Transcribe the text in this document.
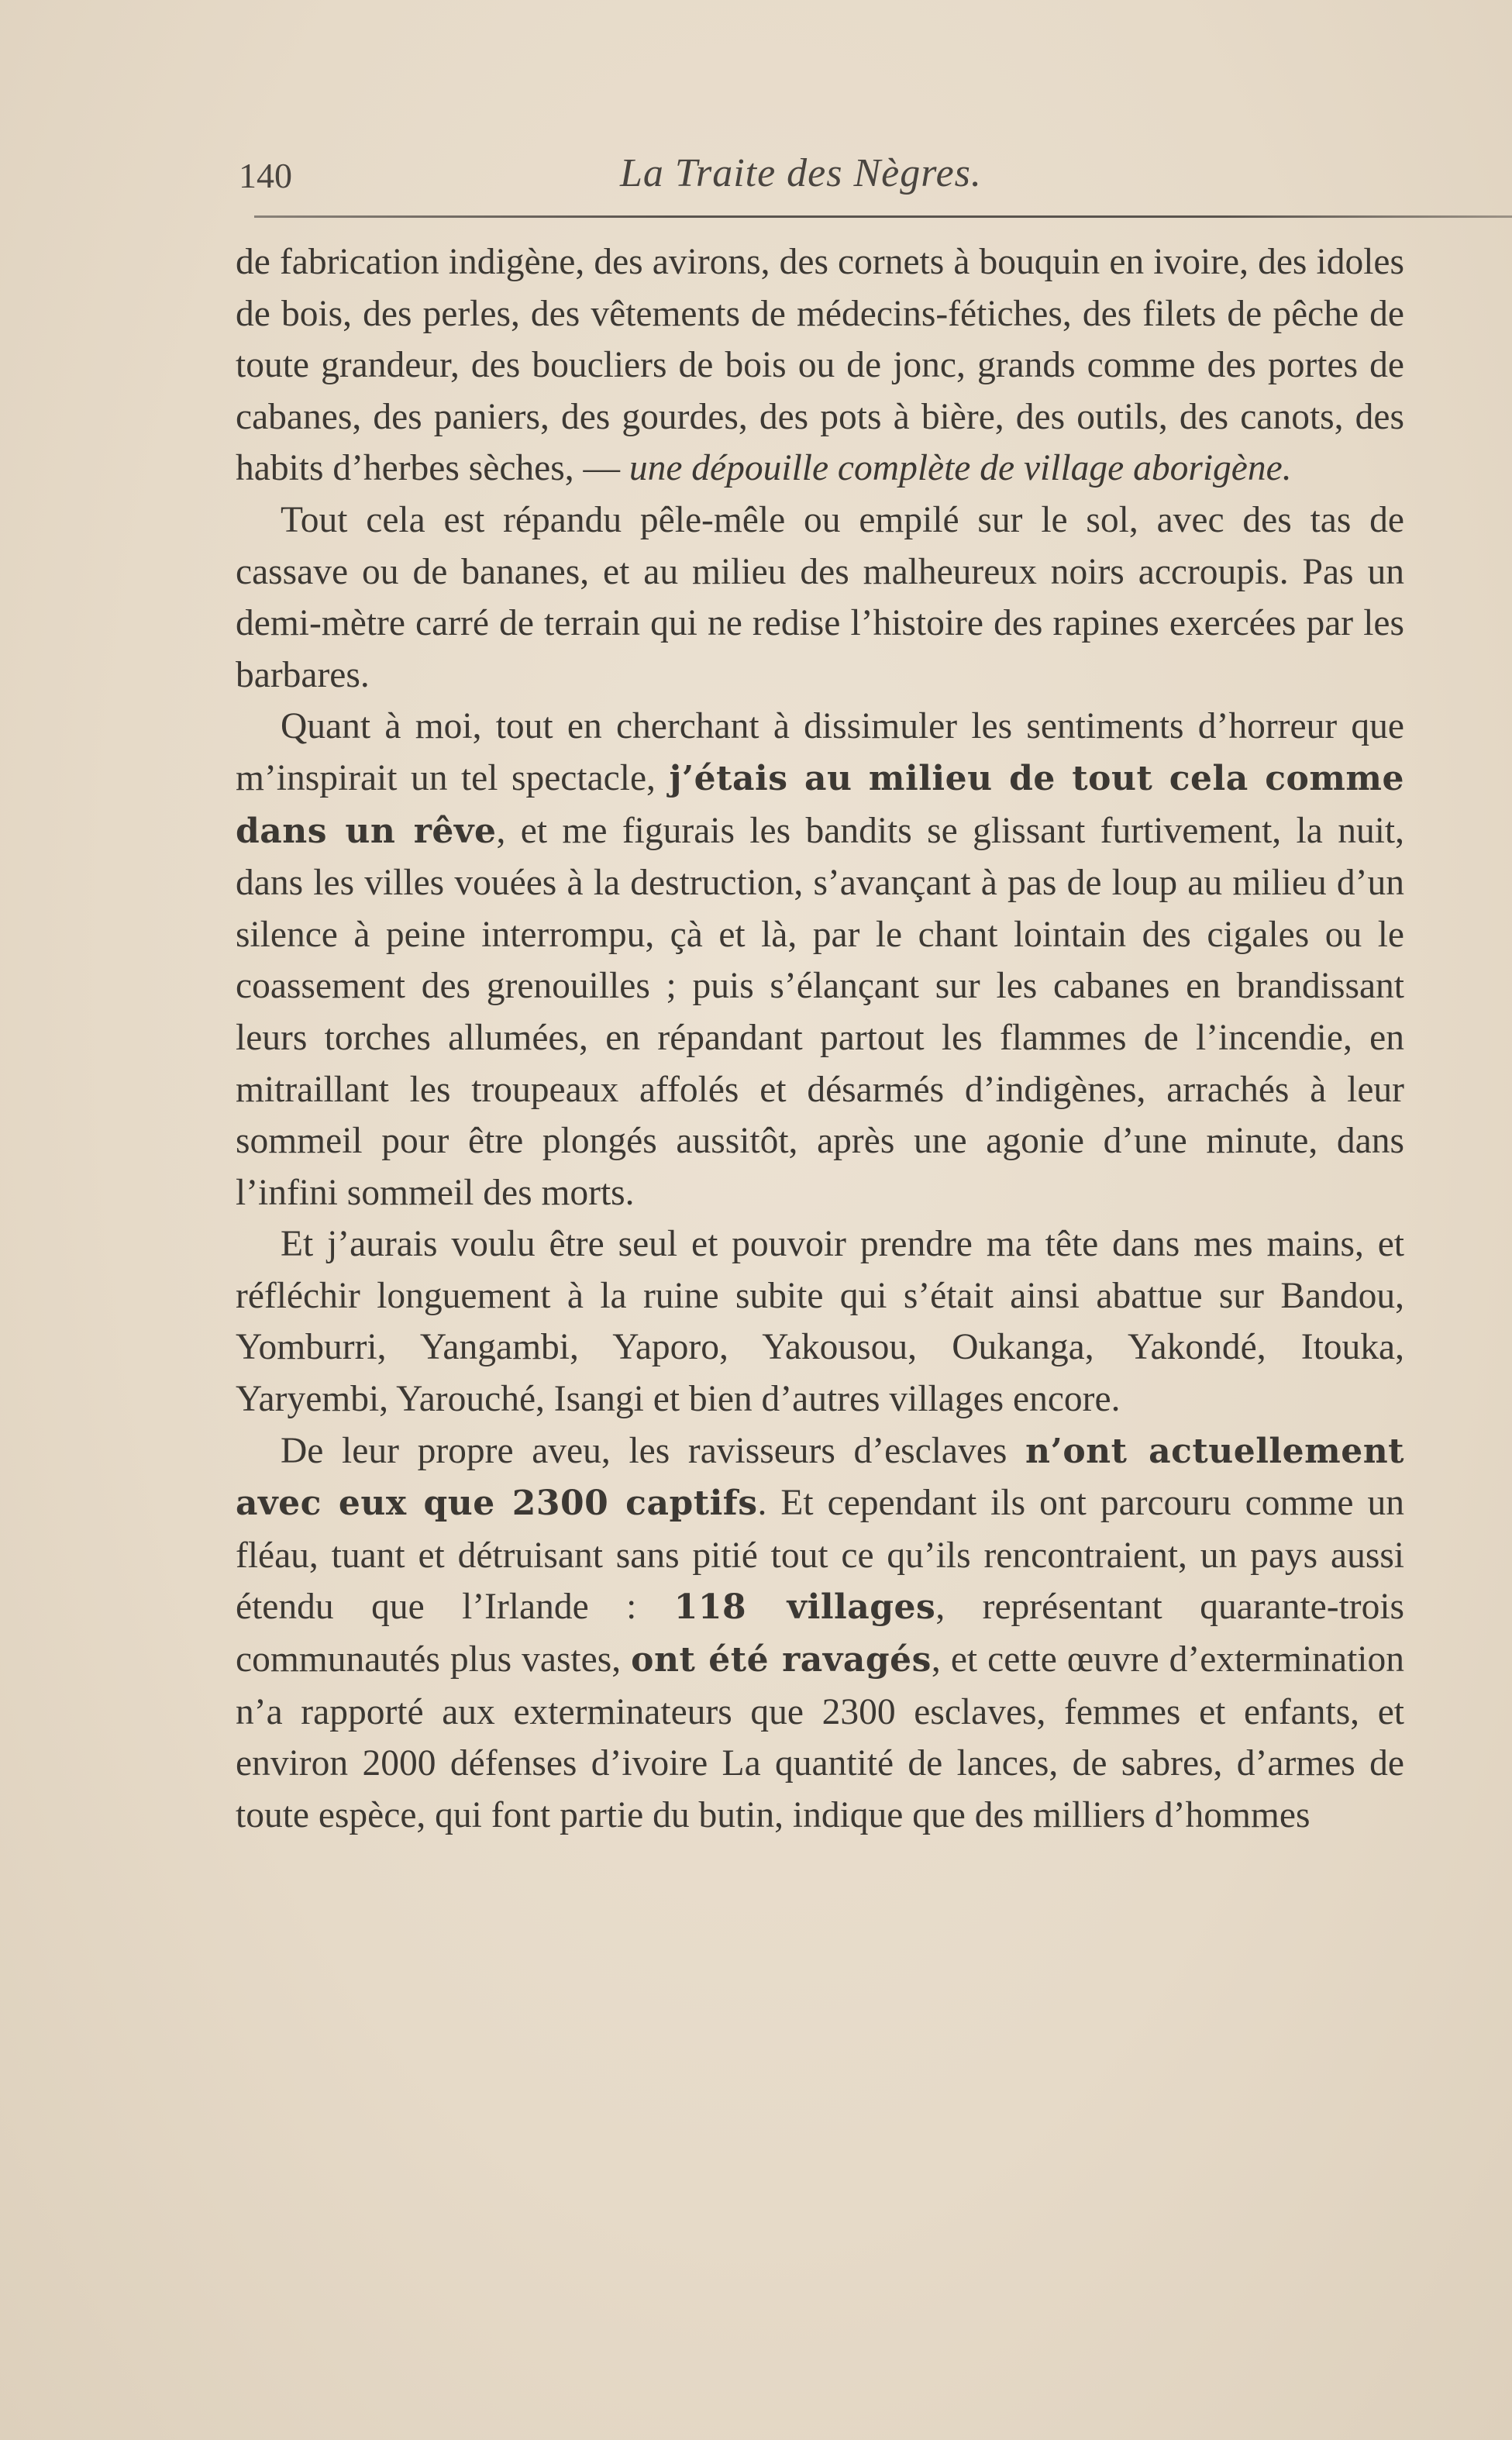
140	La Traite des Nègres.

de fabrication indigène, des avirons, des cornets à bouquin en ivoire, des idoles de bois, des perles, des vêtements de médecins-fétiches, des filets de pêche de toute grandeur, des boucliers de bois ou de jonc, grands comme des portes de cabanes, des paniers, des gourdes, des pots à bière, des outils, des canots, des habits d’herbes sèches, — une dépouille complète de village aborigène.

Tout cela est répandu pêle-mêle ou empilé sur le sol, avec des tas de cassave ou de bananes, et au milieu des malheureux noirs accroupis. Pas un demi-mètre carré de terrain qui ne redise l’histoire des rapines exercées par les barbares.

Quant à moi, tout en cherchant à dissimuler les sentiments d’horreur que m’inspirait un tel spectacle, j’étais au milieu de tout cela comme dans un rêve, et me figurais les bandits se glissant furtivement, la nuit, dans les villes vouées à la destruction, s’avançant à pas de loup au milieu d’un silence à peine interrompu, çà et là, par le chant lointain des cigales ou le coassement des grenouilles ; puis s’élançant sur les cabanes en brandissant leurs torches allumées, en répandant partout les flammes de l’incendie, en mitraillant les troupeaux affolés et désarmés d’indigènes, arrachés à leur sommeil pour être plongés aussitôt, après une agonie d’une minute, dans l’infini sommeil des morts.

Et j’aurais voulu être seul et pouvoir prendre ma tête dans mes mains, et réfléchir longuement à la ruine subite qui s’était ainsi abattue sur Bandou, Yomburri, Yangambi, Yaporo, Yakousou, Oukanga, Yakondé, Itouka, Yaryembi, Yarouché, Isangi et bien d’autres villages encore.

De leur propre aveu, les ravisseurs d’esclaves n’ont actuellement avec eux que 2300 captifs. Et cependant ils ont parcouru comme un fléau, tuant et détruisant sans pitié tout ce qu’ils rencontraient, un pays aussi étendu que l’Irlande : 118 villages, représentant quarante-trois communautés plus vastes, ont été ravagés, et cette œuvre d’extermination n’a rapporté aux exterminateurs que 2300 esclaves, femmes et enfants, et environ 2000 défenses d’ivoire La quantité de lances, de sabres, d’armes de toute espèce, qui font partie du butin, indique que des milliers d’hommes
